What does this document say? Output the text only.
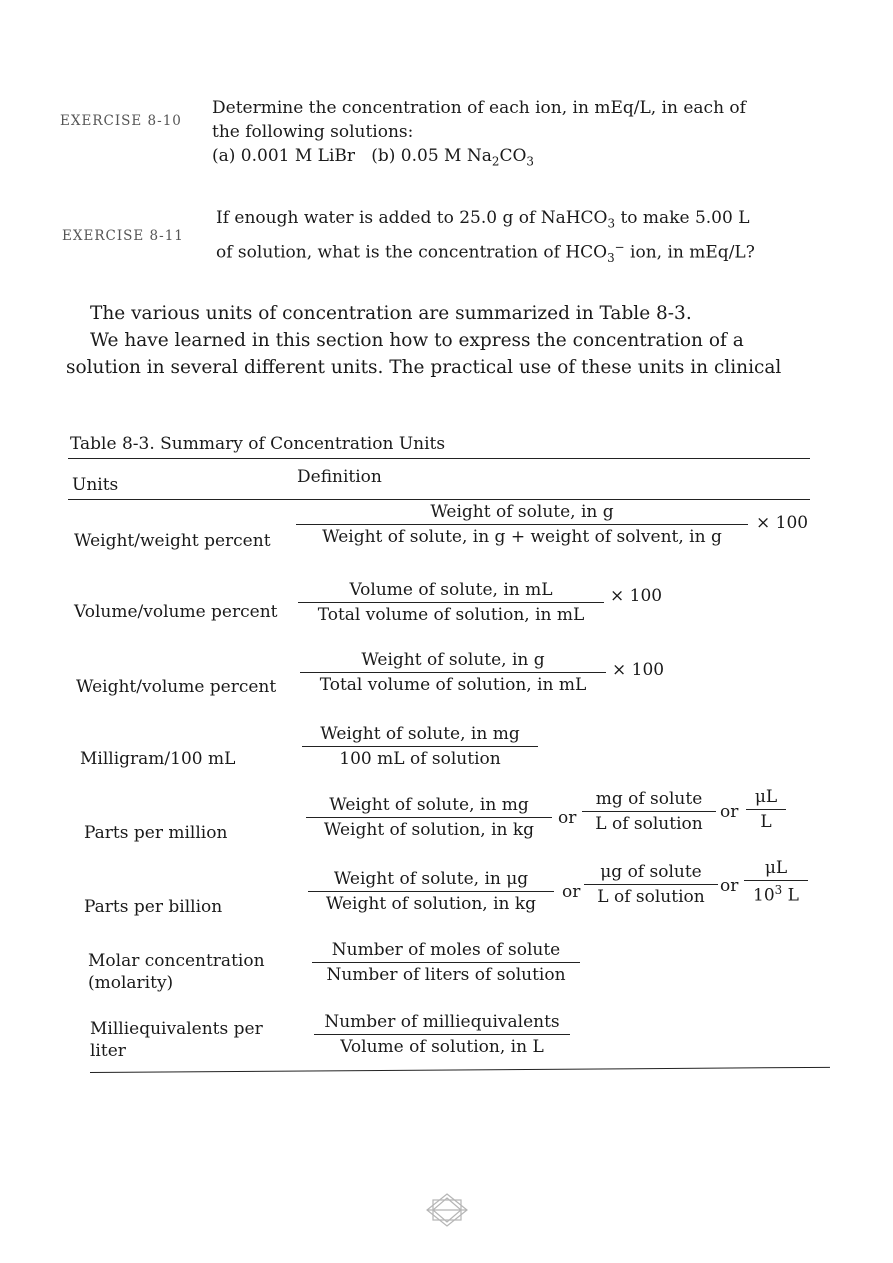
EXERCISE 8-10
Determine the concentration of each ion, in mEq/L, in each of
the following solutions:
(a) 0.001 M LiBr (b) 0.05 M $Na_2CO_3$
EXERCISE 8-11
If enough water is added to 25.0 g of NaHCO$_3$ to make 5.00 L
of solution, what is the concentration of $HCO_3^-$ ion, in mEq/L?
The various units of concentration are summarized in Table 8-3.
We have learned in this section how to express the concentration of a
solution in several different units. The practical use of these units in clinical
Table 8-3. Summary of Concentration Units
Units	Definition
Weight/weight percent
Weight of solute, in g
Weight of solute, in g + weight of solvent, in g
× 100
Volume/volume percent
Volume of solute, in mL
Total volume of solution, in mL
× 100
Weight/volume percent
Weight of solute, in g
Total volume of solution, in mL
× 100
Milligram/100 mL
Weight of solute, in mg
100 mL of solution
Parts per million
Weight of solute, in mg
Weight of solution, in kg
or
mg of solute
L of solution
or $\frac{\mu L}{L}$
Parts per billion
Weight of solute, in μg
Weight of solution, in kg
or
μg of solute
L of solution
or $\frac{\mu L}{10^3 L}$
Molar concentration
(molarity)
Number of moles of solute
Number of liters of solution
Milliequivalents per
liter
Number of milliequivalents
Volume of solution, in L
